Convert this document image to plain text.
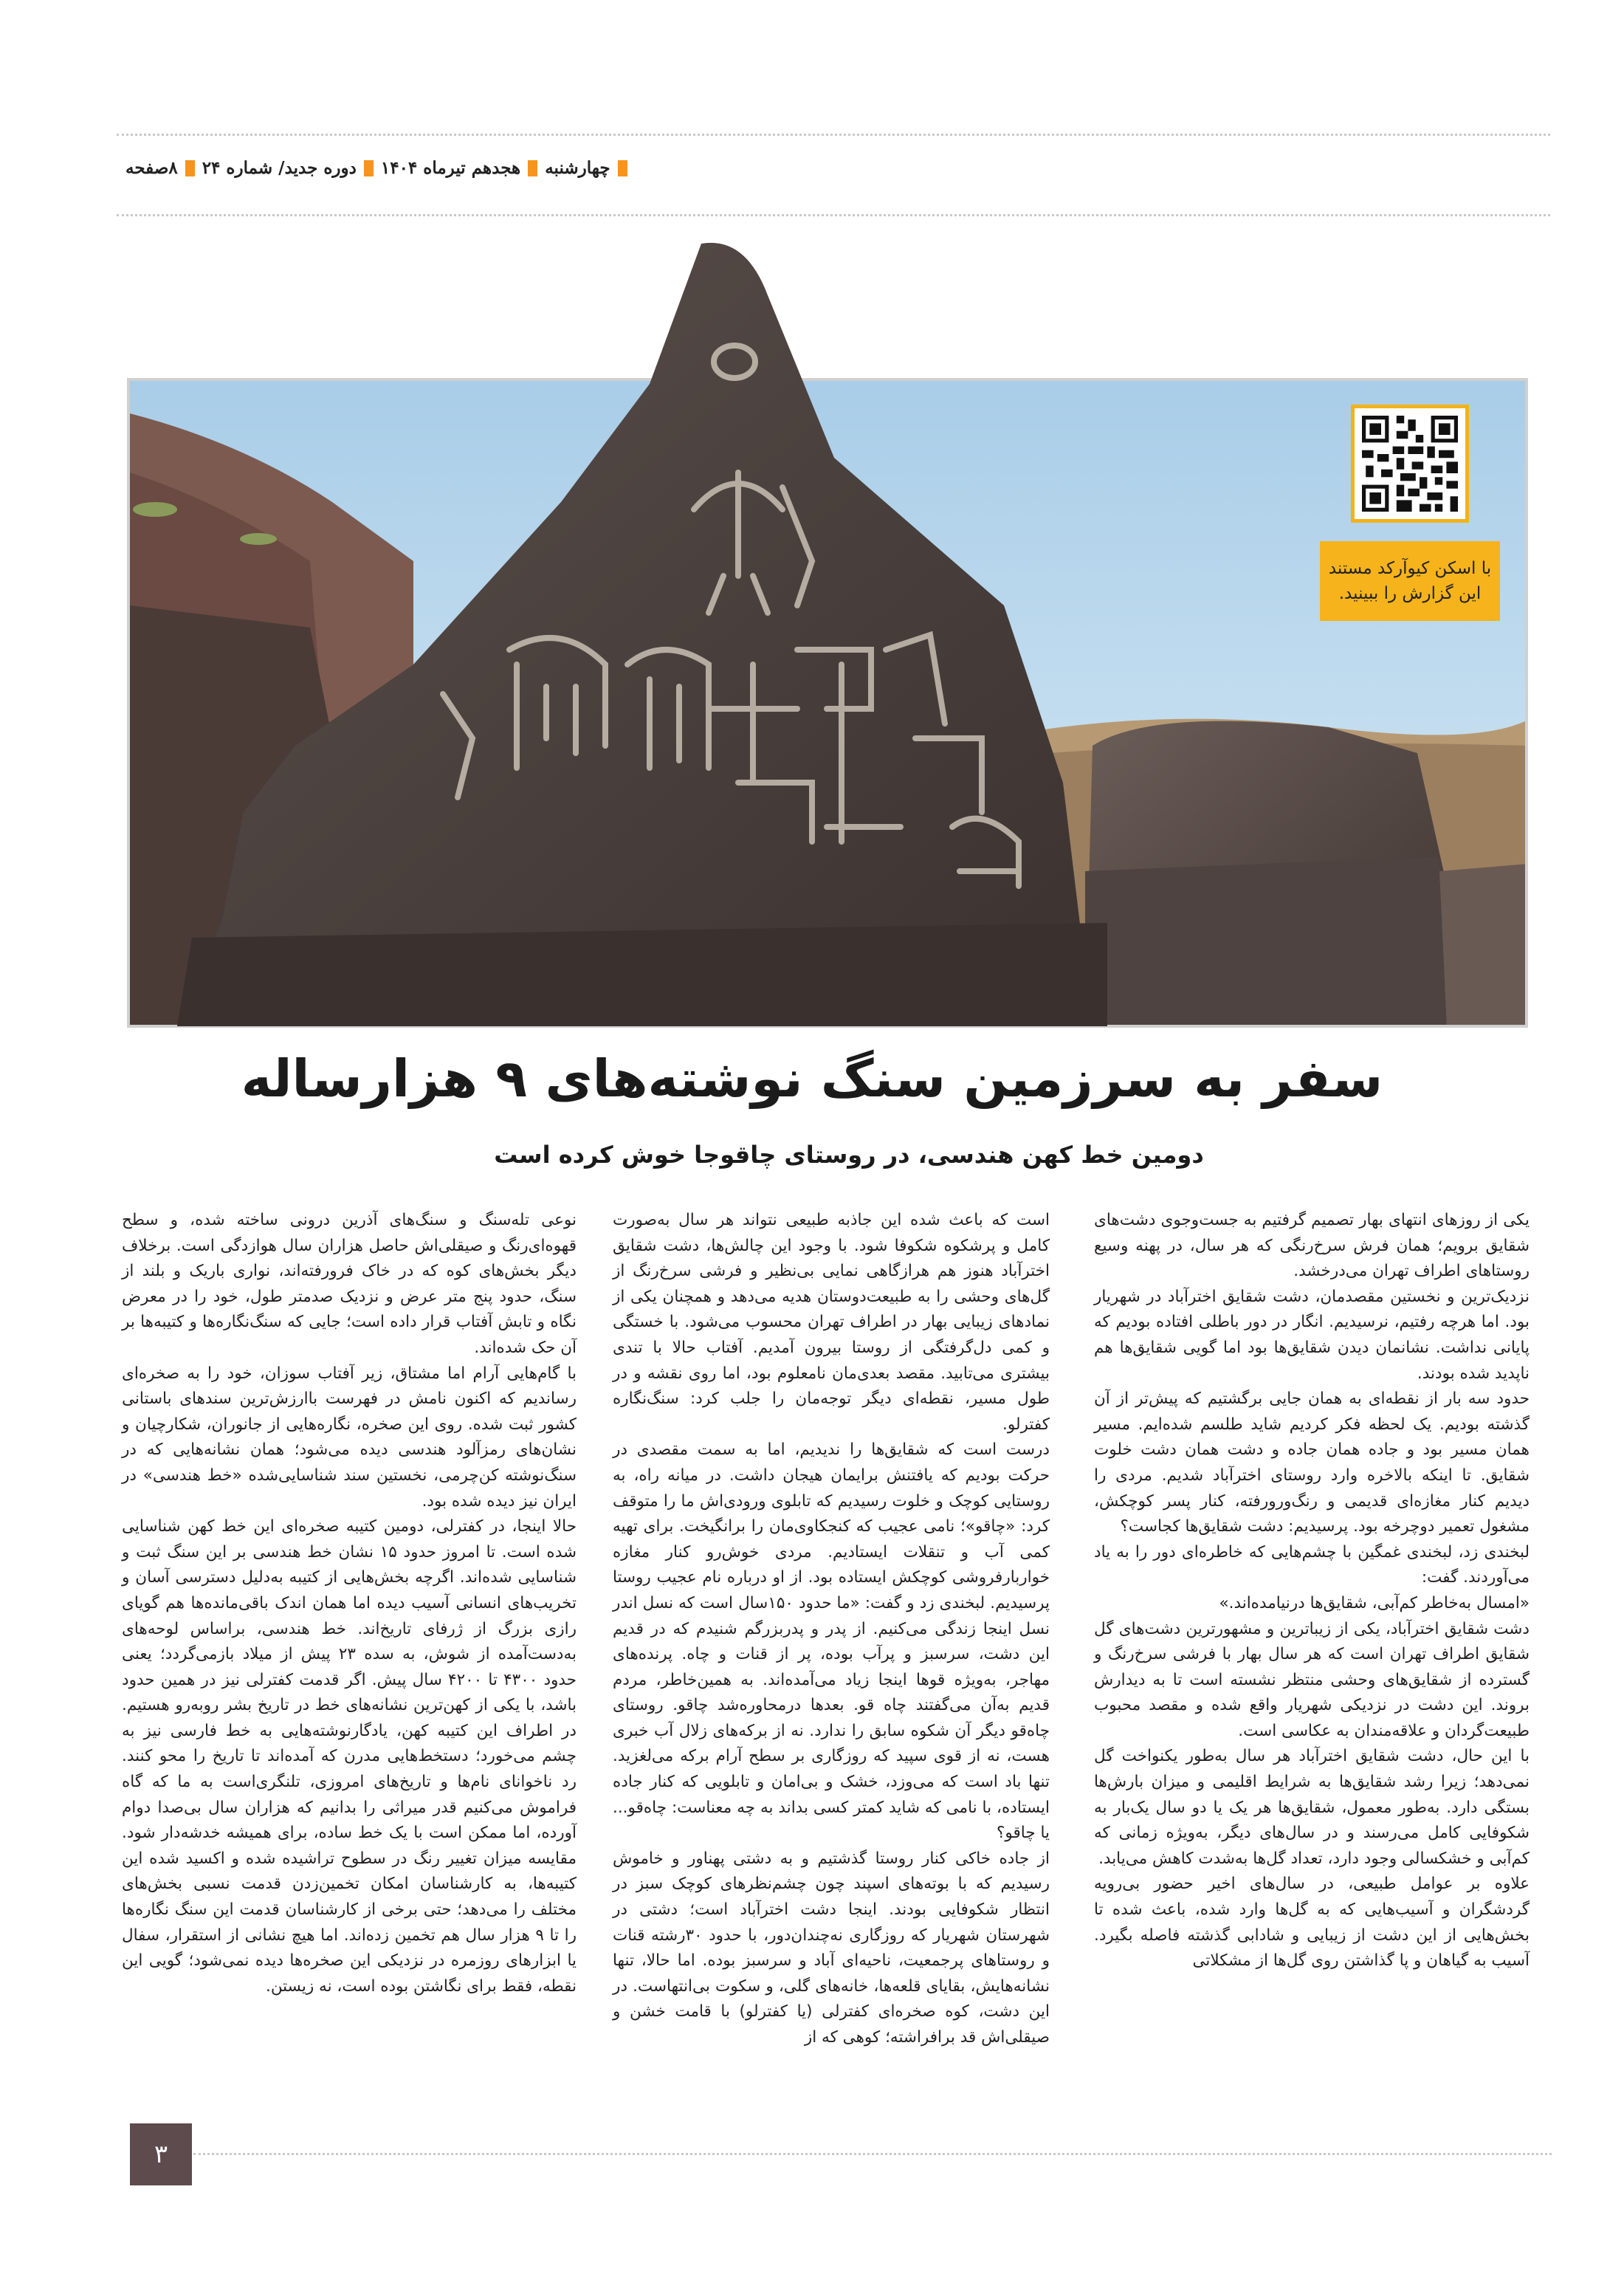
چهارشنبه
هجدهم تیرماه ۱۴۰۴
دوره جدید/ شماره ۲۴
۸صفحه
با اسکن کیوآرکد مستند
این گزارش را ببینید.
سفر به سرزمین سنگ نوشته‌های ۹ هزارساله
دومین خط کهن هندسی، در روستای چاقوجا خوش کرده است

یکی از روزهای انتهای بهار تصمیم گرفتیم به جست‌وجوی دشت‌های شقایق برویم؛ همان فرش سرخ‌رنگی که هر سال، در پهنه وسیع روستاهای اطراف تهران می‌درخشد.

نزدیک‌ترین و نخستین مقصدمان، دشت شقایق اخترآباد در شهریار بود. اما هرچه رفتیم، نرسیدیم. انگار در دور باطلی افتاده بودیم که پایانی نداشت. نشانمان دیدن شقایق‌ها بود اما گویی شقایق‌ها هم ناپدید شده بودند.

حدود سه بار از نقطه‌ای به همان جایی برگشتیم که پیش‌تر از آن گذشته بودیم. یک لحظه فکر کردیم شاید طلسم شده‌ایم. مسیر همان مسیر بود و جاده همان جاده و دشت همان دشت خلوت شقایق. تا اینکه بالاخره وارد روستای اخترآباد شدیم. مردی را دیدیم کنار مغازه‌ای قدیمی و رنگ‌ورورفته، کنار پسر کوچکش، مشغول تعمیر دوچرخه بود. پرسیدیم: دشت شقایق‌ها کجاست؟

لبخندی زد، لبخندی غمگین با چشم‌هایی که خاطره‌ای دور را به یاد می‌آوردند. گفت:

«امسال به‌خاطر کم‌آبی، شقایق‌ها درنیامده‌اند.»

دشت شقایق اخترآباد، یکی از زیباترین و مشهورترین دشت‌های گل شقایق اطراف تهران است که هر سال بهار با فرشی سرخ‌رنگ و گسترده از شقایق‌های وحشی منتظر نشسته است تا به دیدارش بروند. این دشت در نزدیکی شهریار واقع شده و مقصد محبوب طبیعت‌گردان و علاقه‌مندان به عکاسی است.

با این حال، دشت شقایق اخترآباد هر سال به‌طور یکنواخت گل نمی‌دهد؛ زیرا رشد شقایق‌ها به شرایط اقلیمی و میزان بارش‌ها بستگی دارد. به‌طور معمول، شقایق‌ها هر یک یا دو سال یک‌بار به شکوفایی کامل می‌رسند و در سال‌های دیگر، به‌ویژه زمانی که کم‌آبی و خشکسالی وجود دارد، تعداد گل‌ها به‌شدت کاهش می‌یابد.

علاوه بر عوامل طبیعی، در سال‌های اخیر حضور بی‌رویه گردشگران و آسیب‌هایی که به گل‌ها وارد شده، باعث شده تا بخش‌هایی از این دشت از زیبایی و شادابی گذشته فاصله بگیرد. آسیب به گیاهان و پا گذاشتن روی گل‌ها از مشکلاتی

است که باعث شده این جاذبه طبیعی نتواند هر سال به‌صورت کامل و پرشکوه شکوفا شود. با وجود این چالش‌ها، دشت شقایق اخترآباد هنوز هم هرازگاهی نمایی بی‌نظیر و فرشی سرخ‌رنگ از گل‌های وحشی را به طبیعت‌دوستان هدیه می‌دهد و همچنان یکی از نمادهای زیبایی بهار در اطراف تهران محسوب می‌شود. با خستگی و کمی دل‌گرفتگی از روستا بیرون آمدیم. آفتاب حالا با تندی بیشتری می‌تابید. مقصد بعدی‌مان نامعلوم بود، اما روی نقشه و در طول مسیر، نقطه‌ای دیگر توجه‌مان را جلب کرد: سنگ‌نگاره کفترلو.

درست است که شقایق‌ها را ندیدیم، اما به سمت مقصدی در حرکت بودیم که یافتنش برایمان هیجان داشت. در میانه راه، به روستایی کوچک و خلوت رسیدیم که تابلوی ورودی‌اش ما را متوقف کرد: «چاقو»؛ نامی عجیب که کنجکاوی‌مان را برانگیخت. برای تهیه کمی آب و تنقلات ایستادیم. مردی خوش‌رو کنار مغازه خواربارفروشی کوچکش ایستاده بود. از او درباره نام عجیب روستا پرسیدیم. لبخندی زد و گفت: «ما حدود ۱۵۰سال است که نسل اندر نسل اینجا زندگی می‌کنیم. از پدر و پدربزرگم شنیدم که در قدیم این دشت، سرسبز و پرآب بوده، پر از قنات و چاه. پرنده‌های مهاجر، به‌ویژه قوها اینجا زیاد می‌آمده‌اند. به همین‌خاطر، مردم قدیم به‌آن می‌گفتند چاه قو. بعدها درمحاوره‌شد چاقو. روستای چاه‌قو دیگر آن شکوه سابق را ندارد. نه از برکه‌های زلال آب خبری هست، نه از قوی سپید که روزگاری بر سطح آرام برکه می‌لغزید. تنها باد است که می‌وزد، خشک و بی‌امان و تابلویی که کنار جاده ایستاده، با نامی که شاید کمتر کسی بداند به چه معناست: چاه‌قو... یا چاقو؟

از جاده خاکی کنار روستا گذشتیم و به دشتی پهناور و خاموش رسیدیم که با بوته‌های اسپند چون چشم‌نظرهای کوچک سبز در انتظار شکوفایی بودند. اینجا دشت اخترآباد است؛ دشتی در شهرستان شهریار که روزگاری نه‌چندان‌دور، با حدود ۳۰رشته قنات و روستاهای پرجمعیت، ناحیه‌ای آباد و سرسبز بوده. اما حالا، تنها نشانه‌هایش، بقایای قلعه‌ها، خانه‌های گلی، و سکوت بی‌انتهاست. در این دشت، کوه صخره‌ای کفترلی (یا کفترلو) با قامت خشن و صیقلی‌اش قد برافراشته؛ کوهی که از

نوعی تله‌سنگ و سنگ‌های آذرین درونی ساخته شده، و سطح قهوه‌ای‌رنگ و صیقلی‌اش حاصل هزاران سال هوازدگی است. برخلاف دیگر بخش‌های کوه که در خاک فرورفته‌اند، نواری باریک و بلند از سنگ، حدود پنج متر عرض و نزدیک صدمتر طول، خود را در معرض نگاه و تابش آفتاب قرار داده است؛ جایی که سنگ‌نگاره‌ها و کتیبه‌ها بر آن حک شده‌اند.

با گام‌هایی آرام اما مشتاق، زیر آفتاب سوزان، خود را به صخره‌ای رساندیم که اکنون نامش در فهرست باارزش‌ترین سندهای باستانی کشور ثبت شده. روی این صخره، نگاره‌هایی از جانوران، شکارچیان و نشان‌های رمزآلود هندسی دیده می‌شود؛ همان نشانه‌هایی که در سنگ‌نوشته کن‌چرمی، نخستین سند شناسایی‌شده «خط هندسی» در ایران نیز دیده شده بود.

حالا اینجا، در کفترلی، دومین کتیبه صخره‌ای این خط کهن شناسایی شده است. تا امروز حدود ۱۵ نشان خط هندسی بر این سنگ ثبت و شناسایی شده‌اند. اگرچه بخش‌هایی از کتیبه به‌دلیل دسترسی آسان و تخریب‌های انسانی آسیب دیده اما همان اندک باقی‌مانده‌ها هم گویای رازی بزرگ از ژرفای تاریخ‌اند. خط هندسی، براساس لوحه‌های به‌دست‌آمده از شوش، به سده ۲۳ پیش از میلاد بازمی‌گردد؛ یعنی حدود ۴۳۰۰ تا ۴۲۰۰ سال پیش. اگر قدمت کفترلی نیز در همین حدود باشد، با یکی از کهن‌ترین نشانه‌های خط در تاریخ بشر روبه‌رو هستیم. در اطراف این کتیبه کهن، یادگارنوشته‌هایی به خط فارسی نیز به چشم می‌خورد؛ دستخط‌هایی مدرن که آمده‌اند تا تاریخ را محو کنند. رد ناخوانای نام‌ها و تاریخ‌های امروزی، تلنگری‌است به ما که گاه فراموش می‌کنیم قدر میراثی را بدانیم که هزاران سال بی‌صدا دوام آورده، اما ممکن است با یک خط ساده، برای همیشه خدشه‌دار شود. مقایسه میزان تغییر رنگ در سطوح تراشیده شده و اکسید شده این کتیبه‌ها، به کارشناسان امکان تخمین‌زدن قدمت نسبی بخش‌های مختلف را می‌دهد؛ حتی برخی از کارشناسان قدمت این سنگ نگاره‌ها را تا ۹ هزار سال هم تخمین زده‌اند. اما هیچ نشانی از استقرار، سفال یا ابزارهای روزمره در نزدیکی این صخره‌ها دیده نمی‌شود؛ گویی این نقطه، فقط برای نگاشتن بوده است، نه زیستن.

۳
